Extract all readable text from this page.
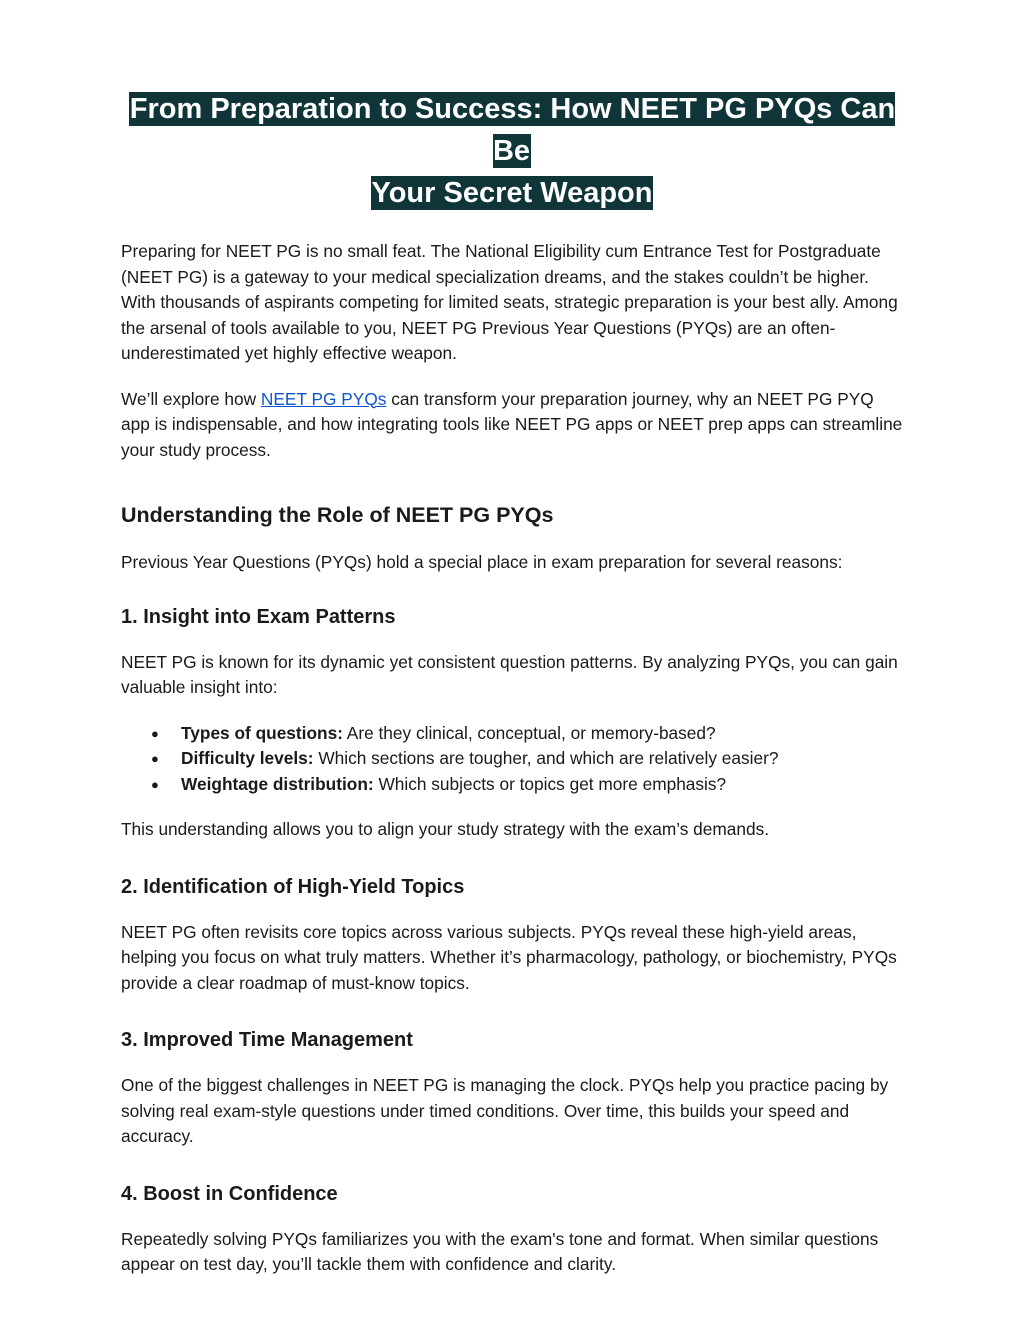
From Preparation to Success: How NEET PG PYQs Can Be
Your Secret Weapon

Preparing for NEET PG is no small feat. The National Eligibility cum Entrance Test for Postgraduate (NEET PG) is a gateway to your medical specialization dreams, and the stakes couldn’t be higher. With thousands of aspirants competing for limited seats, strategic preparation is your best ally. Among the arsenal of tools available to you, NEET PG Previous Year Questions (PYQs) are an often-underestimated yet highly effective weapon.

We’ll explore how NEET PG PYQs can transform your preparation journey, why an NEET PG PYQ app is indispensable, and how integrating tools like NEET PG apps or NEET prep apps can streamline your study process.

Understanding the Role of NEET PG PYQs

Previous Year Questions (PYQs) hold a special place in exam preparation for several reasons:

1. Insight into Exam Patterns

NEET PG is known for its dynamic yet consistent question patterns. By analyzing PYQs, you can gain valuable insight into:

● Types of questions: Are they clinical, conceptual, or memory-based?
● Difficulty levels: Which sections are tougher, and which are relatively easier?
● Weightage distribution: Which subjects or topics get more emphasis?

This understanding allows you to align your study strategy with the exam’s demands.

2. Identification of High-Yield Topics

NEET PG often revisits core topics across various subjects. PYQs reveal these high-yield areas, helping you focus on what truly matters. Whether it’s pharmacology, pathology, or biochemistry, PYQs provide a clear roadmap of must-know topics.

3. Improved Time Management

One of the biggest challenges in NEET PG is managing the clock. PYQs help you practice pacing by solving real exam-style questions under timed conditions. Over time, this builds your speed and accuracy.

4. Boost in Confidence

Repeatedly solving PYQs familiarizes you with the exam's tone and format. When similar questions appear on test day, you’ll tackle them with confidence and clarity.
